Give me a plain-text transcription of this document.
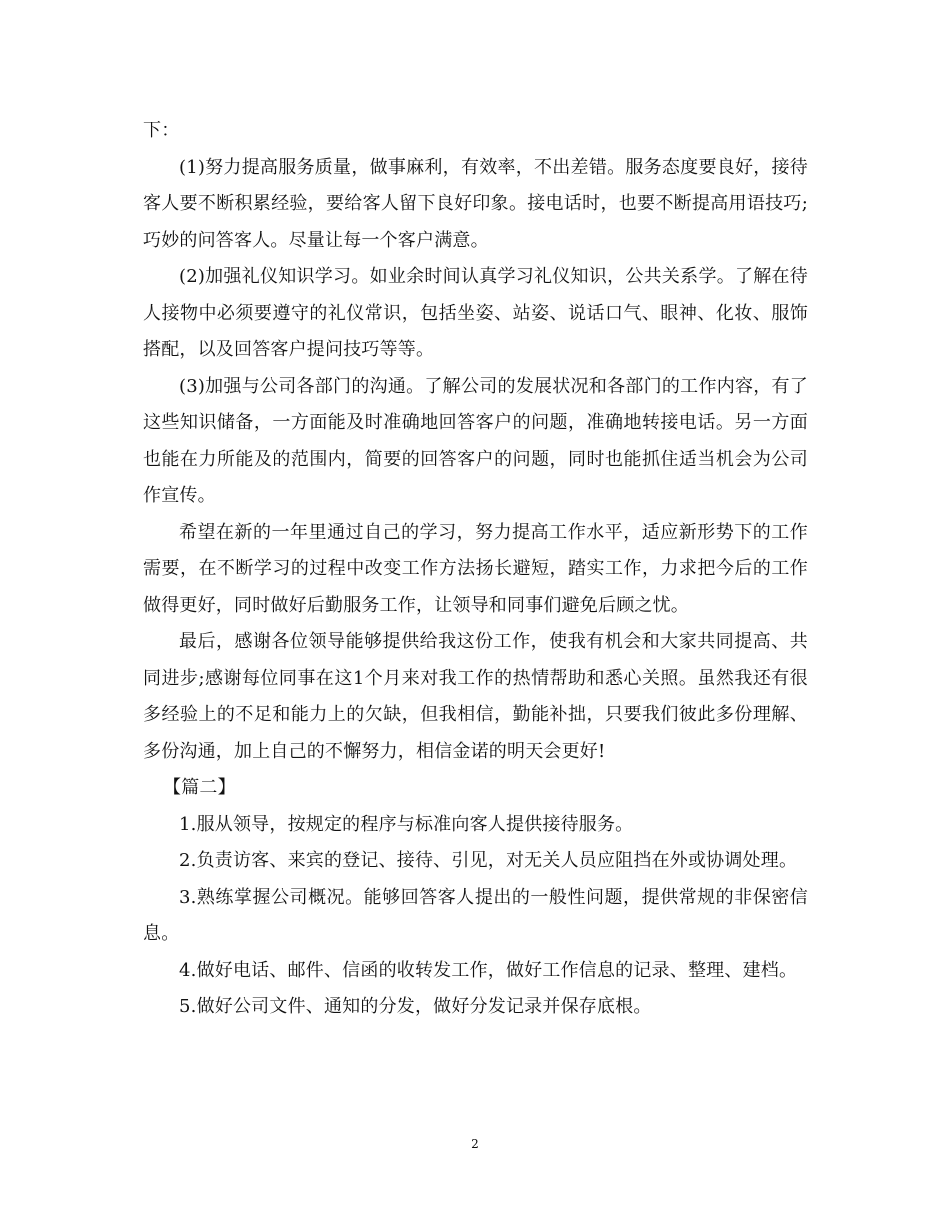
下：

(1)努力提高服务质量，做事麻利，有效率，不出差错。服务态度要良好，接待客人要不断积累经验，要给客人留下良好印象。接电话时，也要不断提高用语技巧;巧妙的问答客人。尽量让每一个客户满意。

(2)加强礼仪知识学习。如业余时间认真学习礼仪知识，公共关系学。了解在待人接物中必须要遵守的礼仪常识，包括坐姿、站姿、说话口气、眼神、化妆、服饰搭配，以及回答客户提问技巧等等。

(3)加强与公司各部门的沟通。了解公司的发展状况和各部门的工作内容，有了这些知识储备，一方面能及时准确地回答客户的问题，准确地转接电话。另一方面也能在力所能及的范围内，简要的回答客户的问题，同时也能抓住适当机会为公司作宣传。

希望在新的一年里通过自己的学习，努力提高工作水平，适应新形势下的工作需要，在不断学习的过程中改变工作方法扬长避短，踏实工作，力求把今后的工作做得更好，同时做好后勤服务工作，让领导和同事们避免后顾之忧。

最后，感谢各位领导能够提供给我这份工作，使我有机会和大家共同提高、共同进步;感谢每位同事在这1个月来对我工作的热情帮助和悉心关照。虽然我还有很多经验上的不足和能力上的欠缺，但我相信，勤能补拙，只要我们彼此多份理解、多份沟通，加上自己的不懈努力，相信金诺的明天会更好!

【篇二】

1.服从领导，按规定的程序与标准向客人提供接待服务。

2.负责访客、来宾的登记、接待、引见，对无关人员应阻挡在外或协调处理。

3.熟练掌握公司概况。能够回答客人提出的一般性问题，提供常规的非保密信息。

4.做好电话、邮件、信函的收转发工作，做好工作信息的记录、整理、建档。

5.做好公司文件、通知的分发，做好分发记录并保存底根。

2
